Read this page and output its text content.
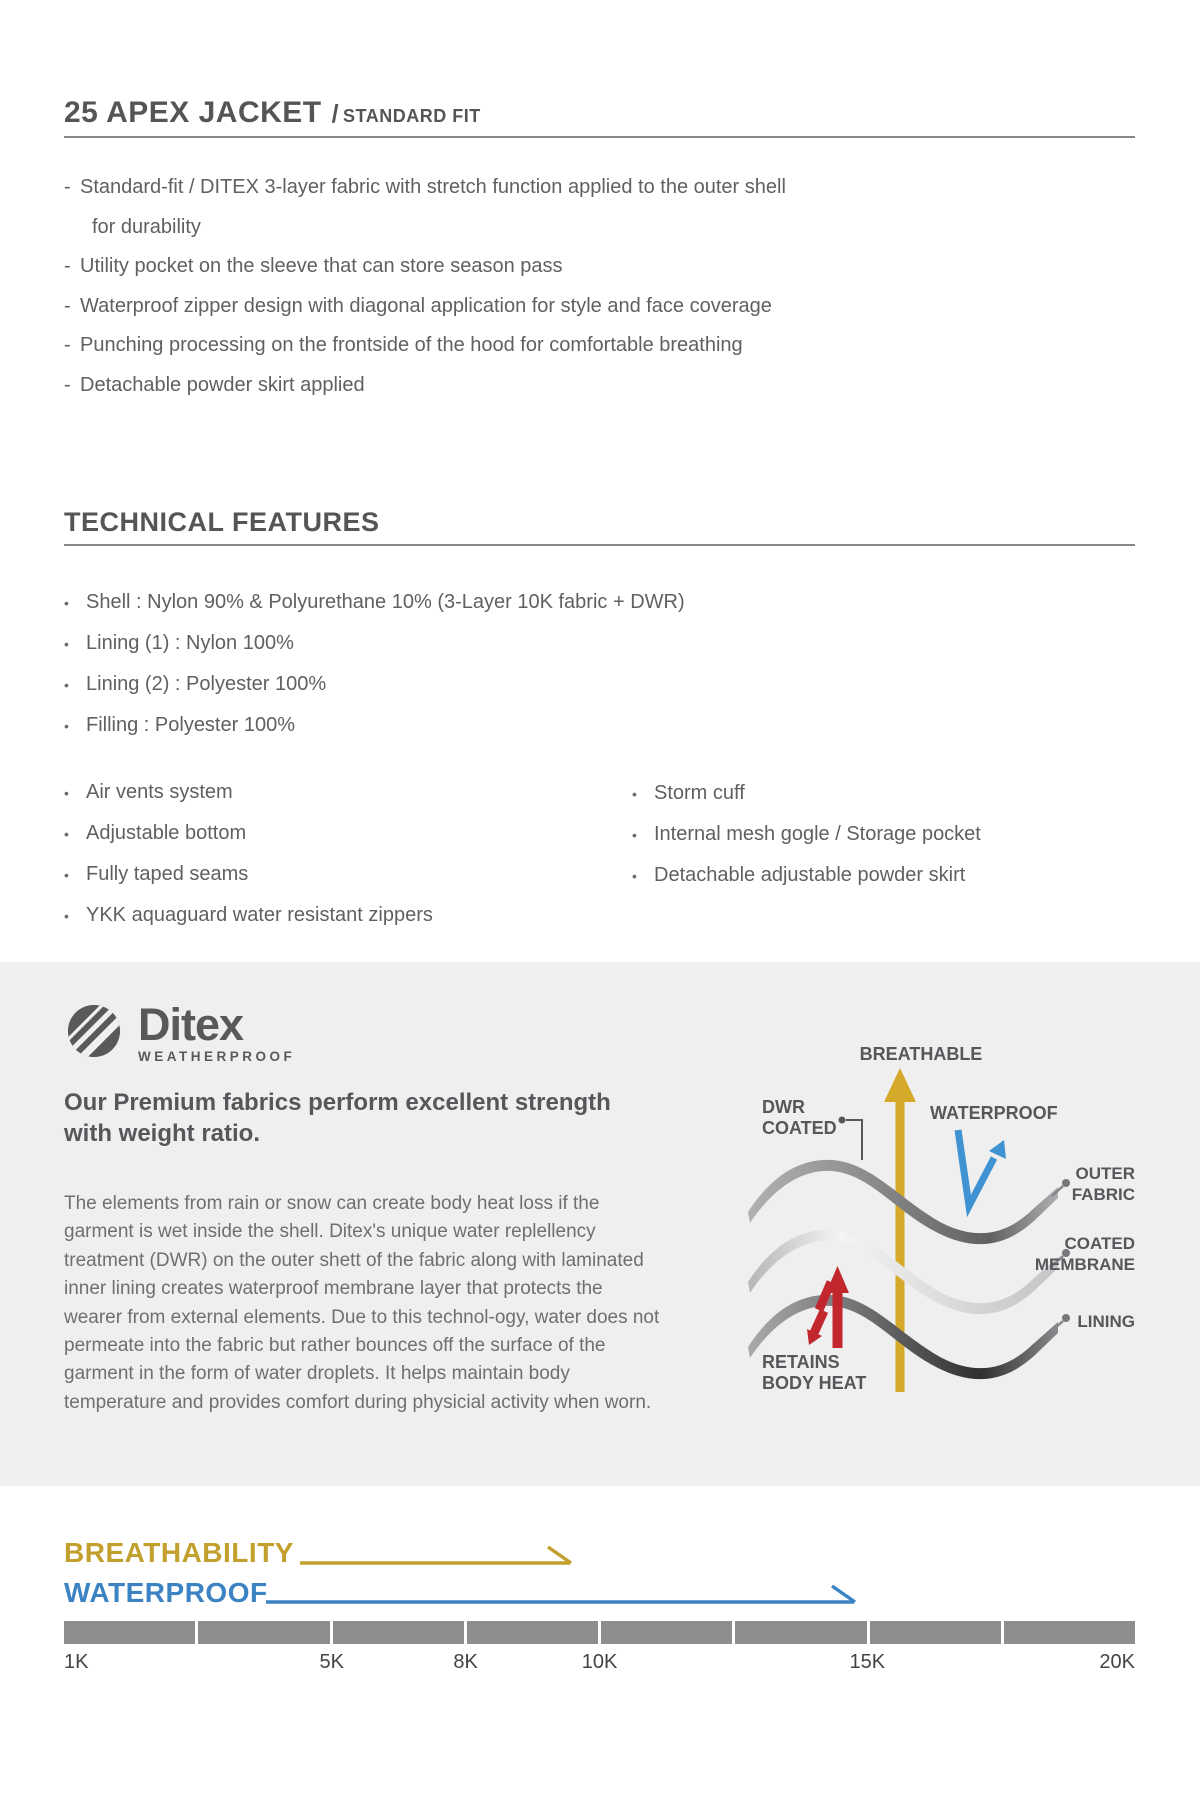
25 APEX JACKET / STANDARD FIT
- Standard-fit / DITEX 3-layer fabric with stretch function applied to the outer shell
for durability
- Utility pocket on the sleeve that can store season pass
- Waterproof zipper design with diagonal application for style and face coverage
- Punching processing on the frontside of the hood for comfortable breathing
- Detachable powder skirt applied
TECHNICAL FEATURES
• Shell : Nylon 90% & Polyurethane 10% (3-Layer 10K fabric + DWR)
• Lining (1) : Nylon 100%
• Lining (2) : Polyester 100%
• Filling : Polyester 100%
• Air vents system
• Adjustable bottom
• Fully taped seams
• YKK aquaguard water resistant zippers
• Storm cuff
• Internal mesh gogle / Storage pocket
• Detachable adjustable powder skirt
Ditex
WEATHERPROOF
Our Premium fabrics perform excellent strength
with weight ratio.
The elements from rain or snow can create body heat loss if the garment is wet inside the shell. Ditex's unique water replellency treatment (DWR) on the outer shett of the fabric along with laminated inner lining creates waterproof membrane layer that protects the wearer from external elements. Due to this technol-ogy, water does not permeate into the fabric but rather bounces off the surface of the garment in the form of water droplets. It helps maintain body temperature and provides comfort during physicial activity when worn.
BREATHABLE
DWR
COATED
WATERPROOF
OUTER
FABRIC
COATED
MEMBRANE
LINING
RETAINS
BODY HEAT
BREATHABILITY
WATERPROOF
1K	5K	8K	10K	15K	20K
